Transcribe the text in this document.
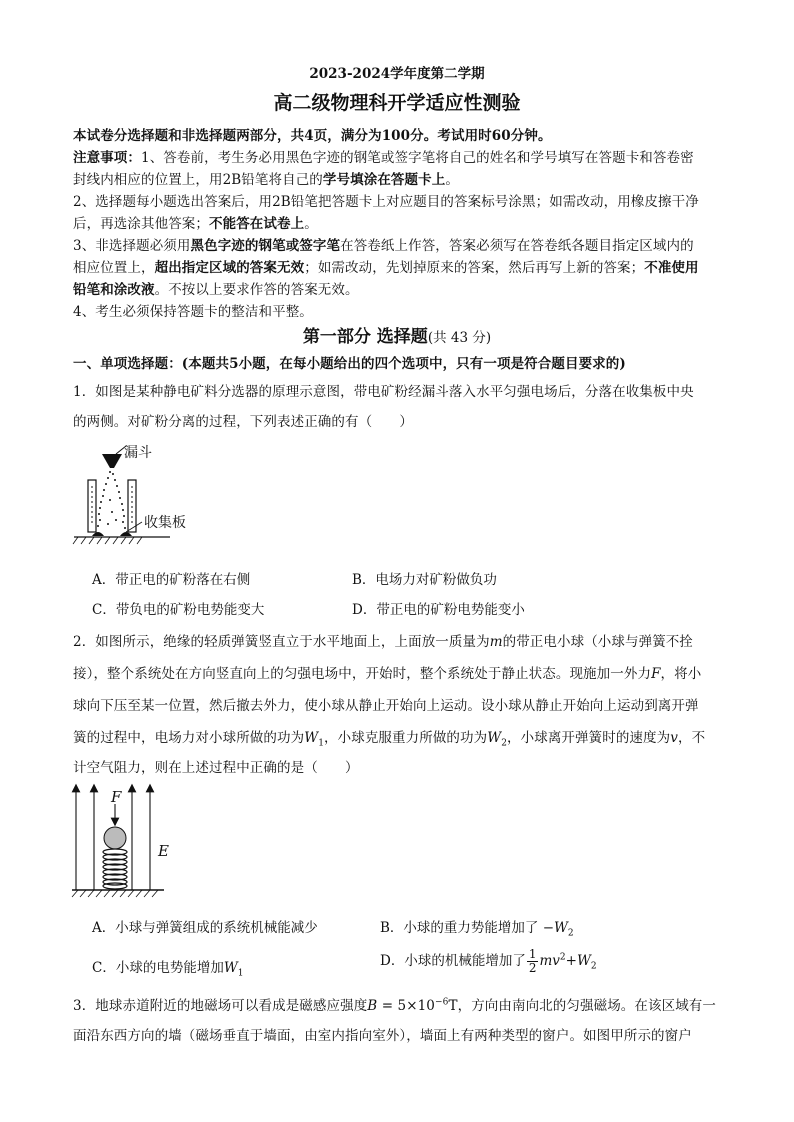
2023-2024学年度第二学期
高二级物理科开学适应性测验
本试卷分选择题和非选择题两部分，共4页，满分为100分。考试用时60分钟。
注意事项：1、答卷前，考生务必用黑色字迹的钢笔或签字笔将自己的姓名和学号填写在答题卡和答卷密
封线内相应的位置上，用2B铅笔将自己的学号填涂在答题卡上。
2、选择题每小题选出答案后，用2B铅笔把答题卡上对应题目的答案标号涂黑；如需改动，用橡皮擦干净
后，再选涂其他答案；不能答在试卷上。
3、非选择题必须用黑色字迹的钢笔或签字笔在答卷纸上作答，答案必须写在答卷纸各题目指定区域内的
相应位置上，超出指定区域的答案无效；如需改动，先划掉原来的答案，然后再写上新的答案；不准使用
铅笔和涂改液。不按以上要求作答的答案无效。
4、考生必须保持答题卡的整洁和平整。
第一部分 选择题(共 43 分)
一、单项选择题：(本题共5小题，在每小题给出的四个选项中，只有一项是符合题目要求的)
1．如图是某种静电矿料分选器的原理示意图，带电矿粉经漏斗落入水平匀强电场后，分落在收集板中央
的两侧。对矿粉分离的过程，下列表述正确的有（　　）
漏斗
收集板
A．带正电的矿粉落在右侧	B．电场力对矿粉做负功
C．带负电的矿粉电势能变大	D．带正电的矿粉电势能变小
2．如图所示，绝缘的轻质弹簧竖直立于水平地面上，上面放一质量为m的带正电小球（小球与弹簧不拴
接），整个系统处在方向竖直向上的匀强电场中，开始时，整个系统处于静止状态。现施加一外力F，将小
球向下压至某一位置，然后撤去外力，使小球从静止开始向上运动。设小球从静止开始向上运动到离开弹
簧的过程中，电场力对小球所做的功为$W_1$，小球克服重力所做的功为$W_2$，小球离开弹簧时的速度为v，不
计空气阻力，则在上述过程中正确的是（　　）
F
E
A．小球与弹簧组成的系统机械能减少	B．小球的重力势能增加了 $-W_2$
C．小球的电势能增加$W_1$
D．小球的机械能增加了 $\frac{1}{2} mv^2+W_2$
3．地球赤道附近的地磁场可以看成是磁感应强度$B = 5\times 10^{-6}T$，方向由南向北的匀强磁场。在该区域有一
面沿东西方向的墙（磁场垂直于墙面，由室内指向室外），墙面上有两种类型的窗户。如图甲所示的窗户
